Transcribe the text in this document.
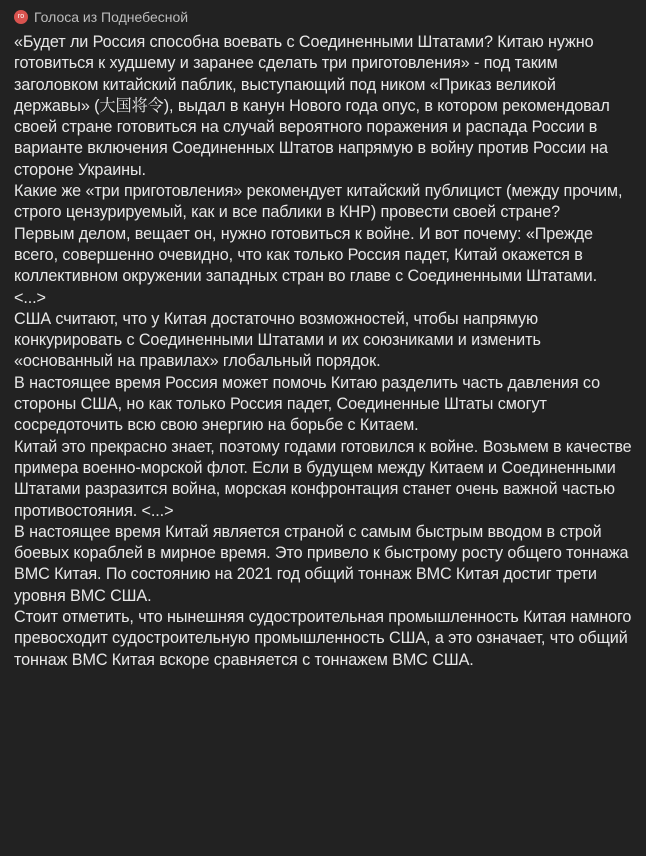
го Голоса из Поднебесной

«Будет ли Россия способна воевать с Соединенными Штатами? Китаю нужно готовиться к худшему и заранее сделать три приготовления» - под таким заголовком китайский паблик, выступающий под ником «Приказ великой державы» (大国将令), выдал в канун Нового года опус, в котором рекомендовал своей стране готовиться на случай вероятного поражения и распада России в варианте включения Соединенных Штатов напрямую в войну против России на стороне Украины.

Какие же «три приготовления» рекомендует китайский публицист (между прочим, строго цензурируемый, как и все паблики в КНР) провести своей стране?

Первым делом, вещает он, нужно готовиться к войне. И вот почему: «Прежде всего, совершенно очевидно, что как только Россия падет, Китай окажется в коллективном окружении западных стран во главе с Соединенными Штатами. <...>

США считают, что у Китая достаточно возможностей, чтобы напрямую конкурировать с Соединенными Штатами и их союзниками и изменить «основанный на правилах» глобальный порядок.

В настоящее время Россия может помочь Китаю разделить часть давления со стороны США, но как только Россия падет, Соединенные Штаты смогут сосредоточить всю свою энергию на борьбе с Китаем.

Китай это прекрасно знает, поэтому годами готовился к войне. Возьмем в качестве примера военно-морской флот. Если в будущем между Китаем и Соединенными Штатами разразится война, морская конфронтация станет очень важной частью противостояния. <...>

В настоящее время Китай является страной с самым быстрым вводом в строй боевых кораблей в мирное время. Это привело к быстрому росту общего тоннажа ВМС Китая. По состоянию на 2021 год общий тоннаж ВМС Китая достиг трети уровня ВМС США.

Стоит отметить, что нынешняя судостроительная промышленность Китая намного превосходит судостроительную промышленность США, а это означает, что общий тоннаж ВМС Китая вскоре сравняется с тоннажем ВМС США.
